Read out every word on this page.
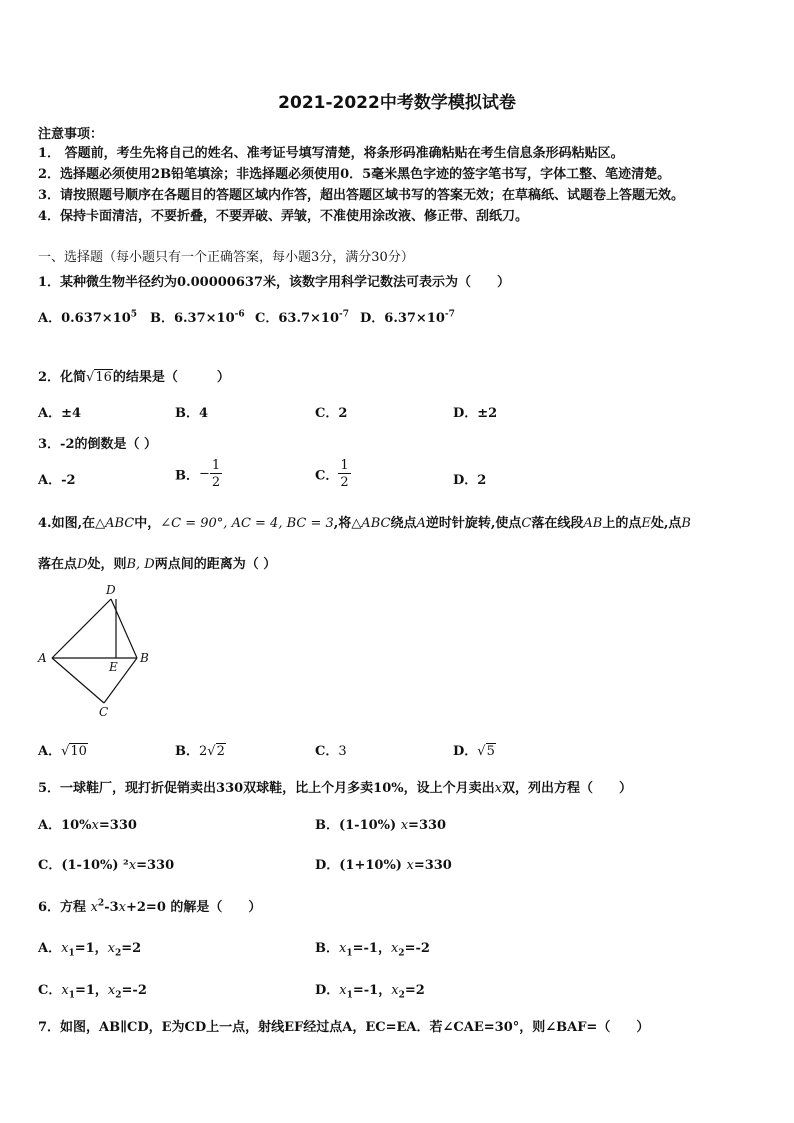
2021-2022中考数学模拟试卷
注意事项：
1． 答题前，考生先将自己的姓名、准考证号填写清楚，将条形码准确粘贴在考生信息条形码粘贴区。
2．选择题必须使用2B铅笔填涂；非选择题必须使用0．5毫米黑色字迹的签字笔书写，字体工整、笔迹清楚。
3．请按照题号顺序在各题目的答题区域内作答，超出答题区域书写的答案无效；在草稿纸、试题卷上答题无效。
4．保持卡面清洁，不要折叠，不要弄破、弄皱，不准使用涂改液、修正带、刮纸刀。
一、选择题（每小题只有一个正确答案，每小题3分，满分30分）
1．某种微生物半径约为0.00000637米，该数字用科学记数法可表示为（　　）
A．$0.637\times 10^5$ B．$6.37\times 10^{-6}$ C．$63.7\times 10^{-7}$ D．$6.37\times 10^{-7}$
2．化简√16的结果是（　　　）
A．±4	B．4	C．2	D．±2
3．-2的倒数是（ ）
A．-2	B．− $\frac{1}{2}$	C． $\frac{1}{2}$	D．2
4.如图,在△ABC中，∠C = 90°, AC = 4, BC = 3,将△ABC绕点A逆时针旋转,使点C落在线段AB上的点E处,点B
落在点D处，则B, D两点间的距离为（ ）
D
A
E
B
C
A．√10	B．2√2	C．3	D．√5
5．一球鞋厂，现打折促销卖出330双球鞋，比上个月多卖10%，设上个月卖出x双，列出方程（　　）
A．10%x=330	B．(1-10%) x=330
C．(1-10%) ²x=330	D．(1+10%) x=330
6．方程 $x^2-3x+2=0$ 的解是（　　）
A．$x_1=1$，$x_2=2$	B．$x_1=-1$，$x_2=-2$
C．$x_1=1$，$x_2=-2$	D．$x_1=-1$，$x_2=2$
7．如图，AB∥CD，E为CD上一点，射线EF经过点A，EC=EA．若∠CAE=30°，则∠BAF=（　　）
